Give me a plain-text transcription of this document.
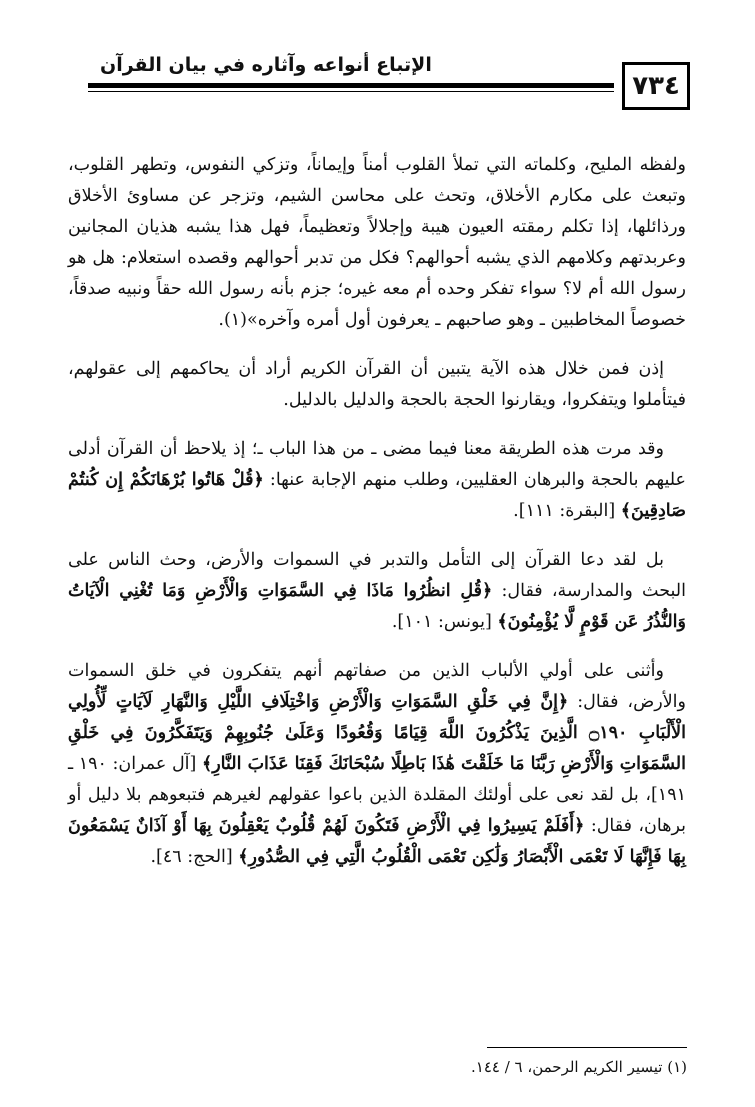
٧٣٤
الإتباع أنواعه وآثاره في بيان القرآن

ولفظه المليح، وكلماته التي تملأ القلوب أمناً وإيماناً، وتزكي النفوس، وتطهر القلوب، وتبعث على مكارم الأخلاق، وتحث على محاسن الشيم، وتزجر عن مساوئ الأخلاق ورذائلها، إذا تكلم رمقته العيون هيبة وإجلالاً وتعظيماً، فهل هذا يشبه هذيان المجانين وعربدتهم وكلامهم الذي يشبه أحوالهم؟ فكل من تدبر أحوالهم وقصده استعلام: هل هو رسول الله أم لا؟ سواء تفكر وحده أم معه غيره؛ جزم بأنه رسول الله حقاً ونبيه صدقاً، خصوصاً المخاطبين ـ وهو صاحبهم ـ يعرفون أول أمره وآخره»(١).

إذن فمن خلال هذه الآية يتبين أن القرآن الكريم أراد أن يحاكمهم إلى عقولهم، فيتأملوا ويتفكروا، ويقارنوا الحجة بالحجة والدليل بالدليل.

وقد مرت هذه الطريقة معنا فيما مضى ـ من هذا الباب ـ؛ إذ يلاحظ أن القرآن أدلى عليهم بالحجة والبرهان العقليين، وطلب منهم الإجابة عنها: ﴿قُلْ هَاتُوا بُرْهَانَكُمْ إِن كُنتُمْ صَادِقِينَ﴾ [البقرة: ١١١].

بل لقد دعا القرآن إلى التأمل والتدبر في السموات والأرض، وحث الناس على البحث والمدارسة، فقال: ﴿قُلِ انظُرُوا مَاذَا فِي السَّمَوَاتِ وَالْأَرْضِ وَمَا تُغْنِي الْآيَاتُ وَالنُّذُرُ عَن قَوْمٍ لَّا يُؤْمِنُونَ﴾ [يونس: ١٠١].

وأثنى على أولي الألباب الذين من صفاتهم أنهم يتفكرون في خلق السموات والأرض، فقال: ﴿إِنَّ فِي خَلْقِ السَّمَوَاتِ وَالْأَرْضِ وَاخْتِلَافِ اللَّيْلِ وَالنَّهَارِ لَآيَاتٍ لِّأُولِي الْأَلْبَابِ ۝١٩٠ الَّذِينَ يَذْكُرُونَ اللَّهَ قِيَامًا وَقُعُودًا وَعَلَىٰ جُنُوبِهِمْ وَيَتَفَكَّرُونَ فِي خَلْقِ السَّمَوَاتِ وَالْأَرْضِ رَبَّنَا مَا خَلَقْتَ هَٰذَا بَاطِلًا سُبْحَانَكَ فَقِنَا عَذَابَ النَّارِ﴾ [آل عمران: ١٩٠ ـ ١٩١]، بل لقد نعى على أولئك المقلدة الذين باعوا عقولهم لغيرهم فتبعوهم بلا دليل أو برهان، فقال: ﴿أَفَلَمْ يَسِيرُوا فِي الْأَرْضِ فَتَكُونَ لَهُمْ قُلُوبٌ يَعْقِلُونَ بِهَا أَوْ آذَانٌ يَسْمَعُونَ بِهَا فَإِنَّهَا لَا تَعْمَى الْأَبْصَارُ وَلَٰكِن تَعْمَى الْقُلُوبُ الَّتِي فِي الصُّدُورِ﴾ [الحج: ٤٦].

(١) تيسير الكريم الرحمن، ٦ / ١٤٤.
